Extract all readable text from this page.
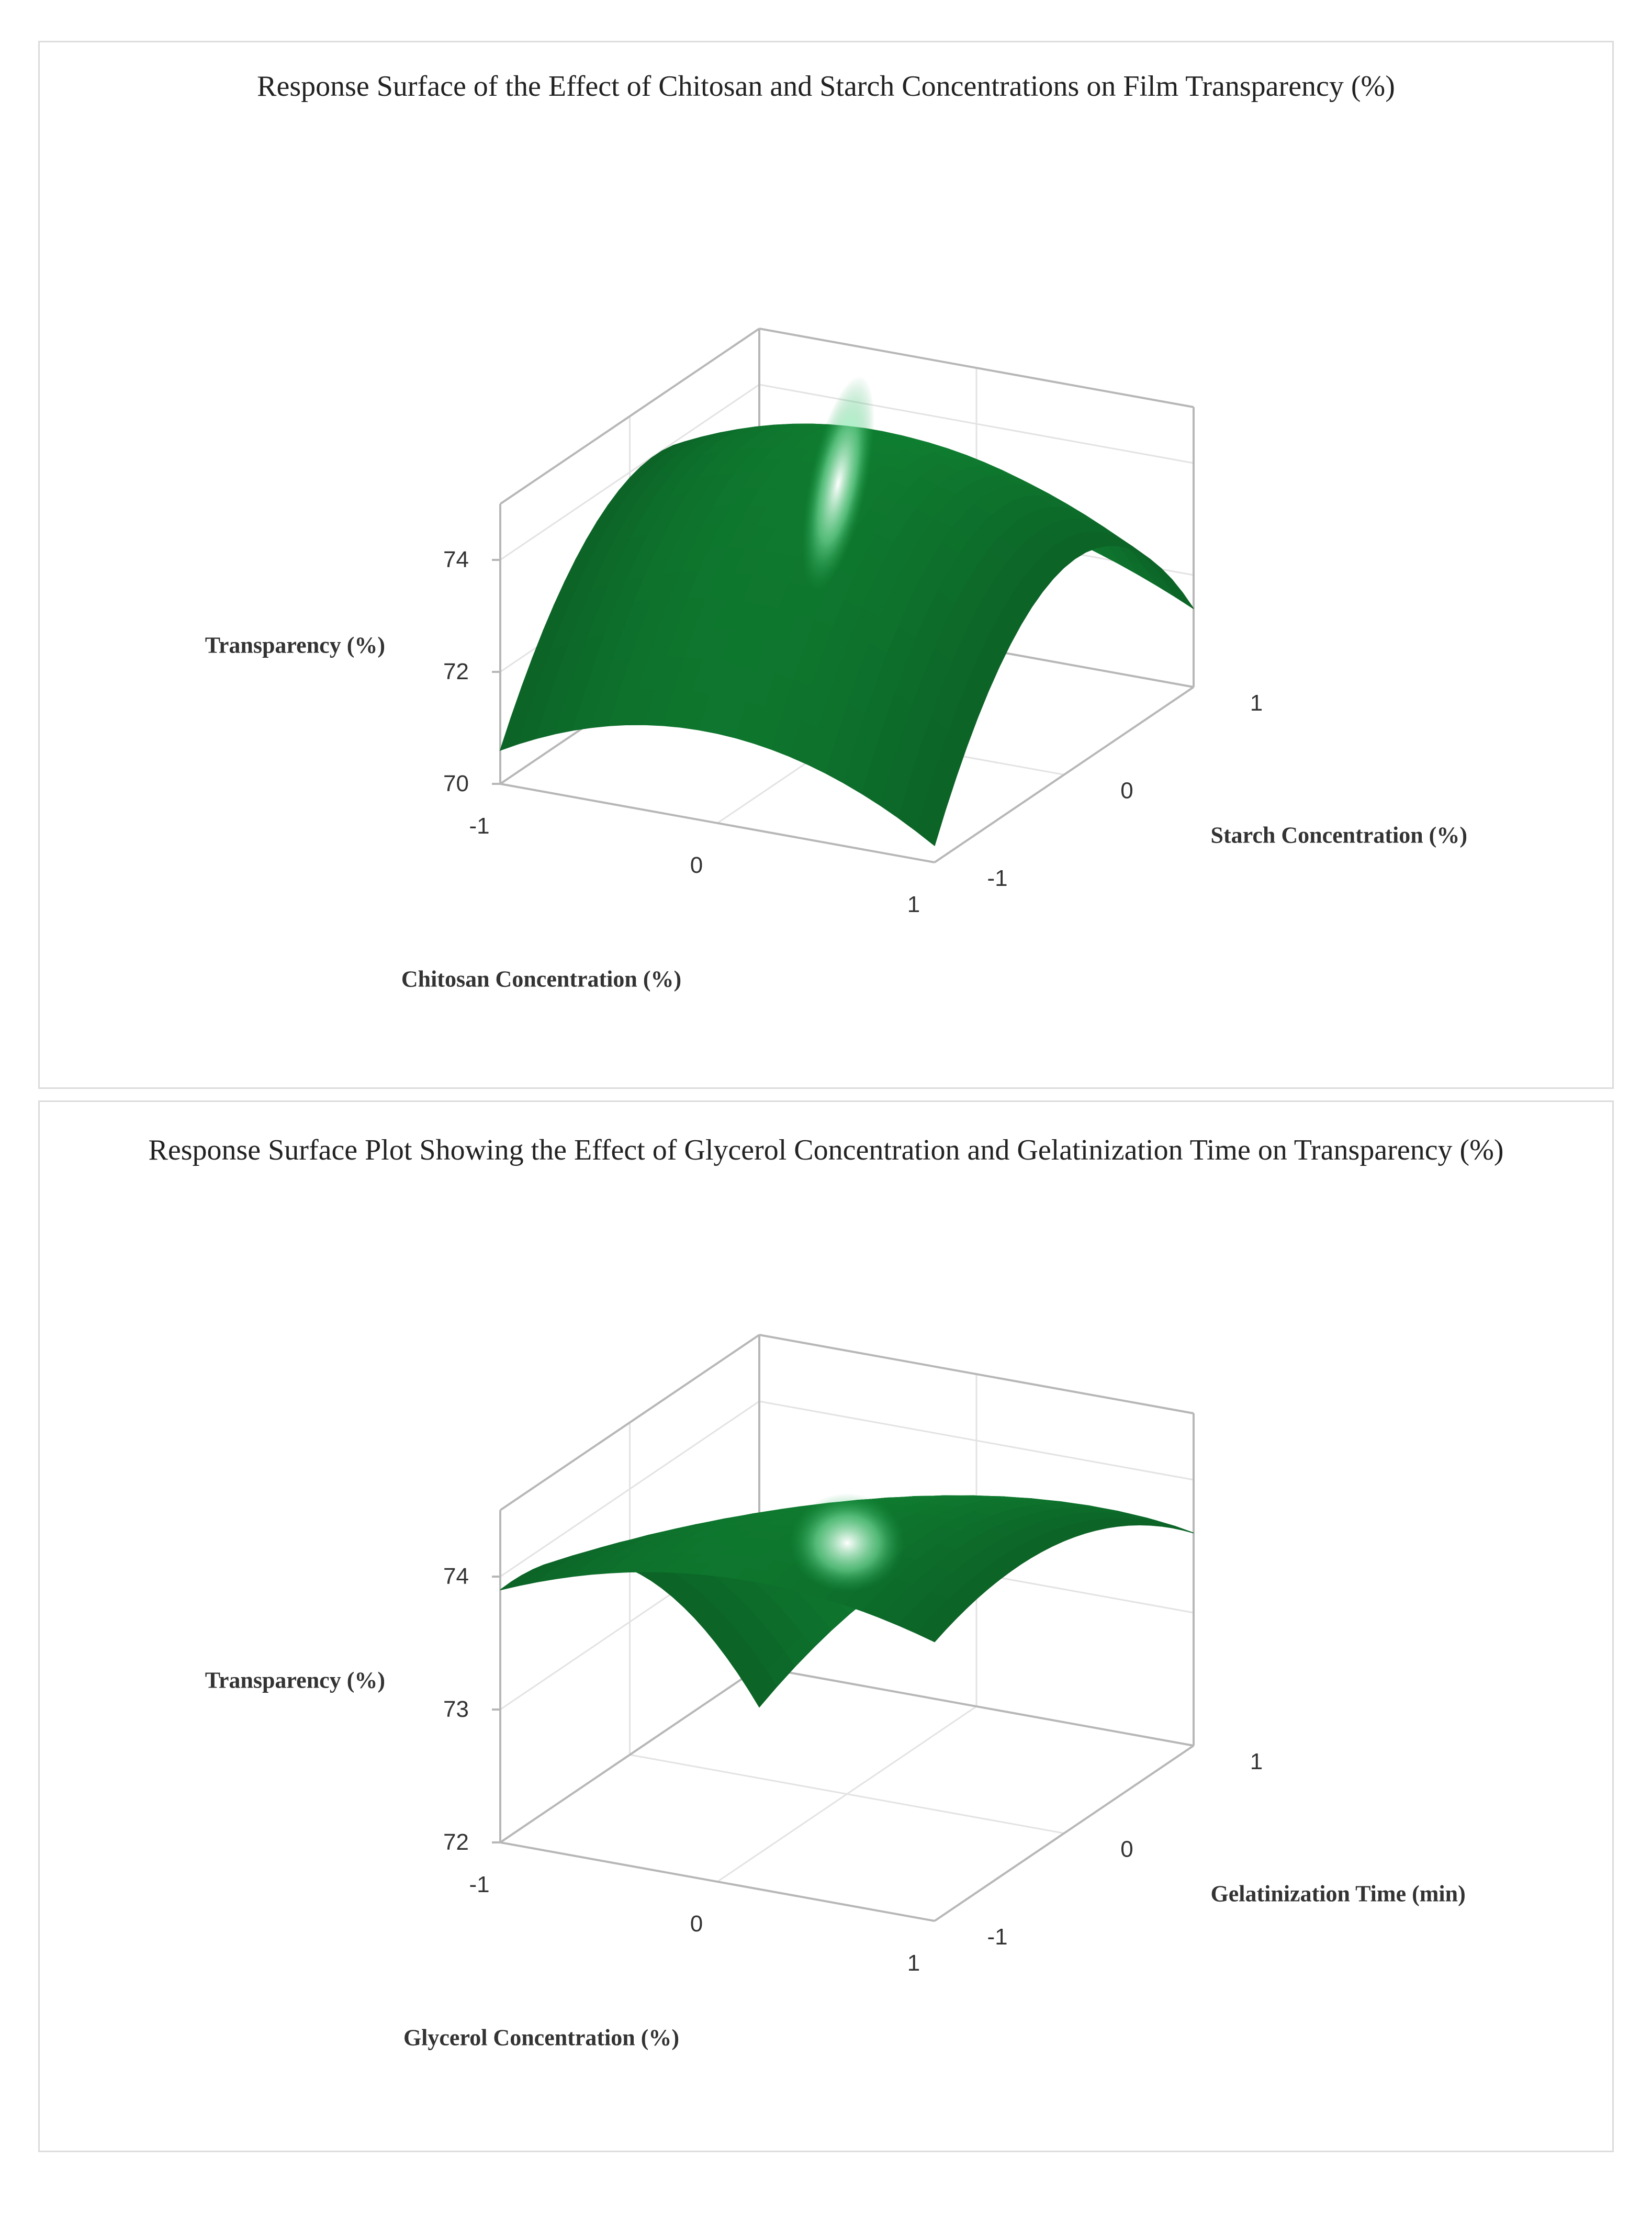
Response Surface of the Effect of Chitosan and Starch Concentrations on Film Transparency (%)
70
72
74
Transparency (%)
-1
0
1
Chitosan Concentration (%)
-1
0
1
Starch Concentration (%)
Response Surface Plot Showing the Effect of Glycerol Concentration and Gelatinization Time on Transparency (%)
72
73
74
Transparency (%)
-1
0
1
Glycerol Concentration (%)
-1
0
1
Gelatinization Time (min)
